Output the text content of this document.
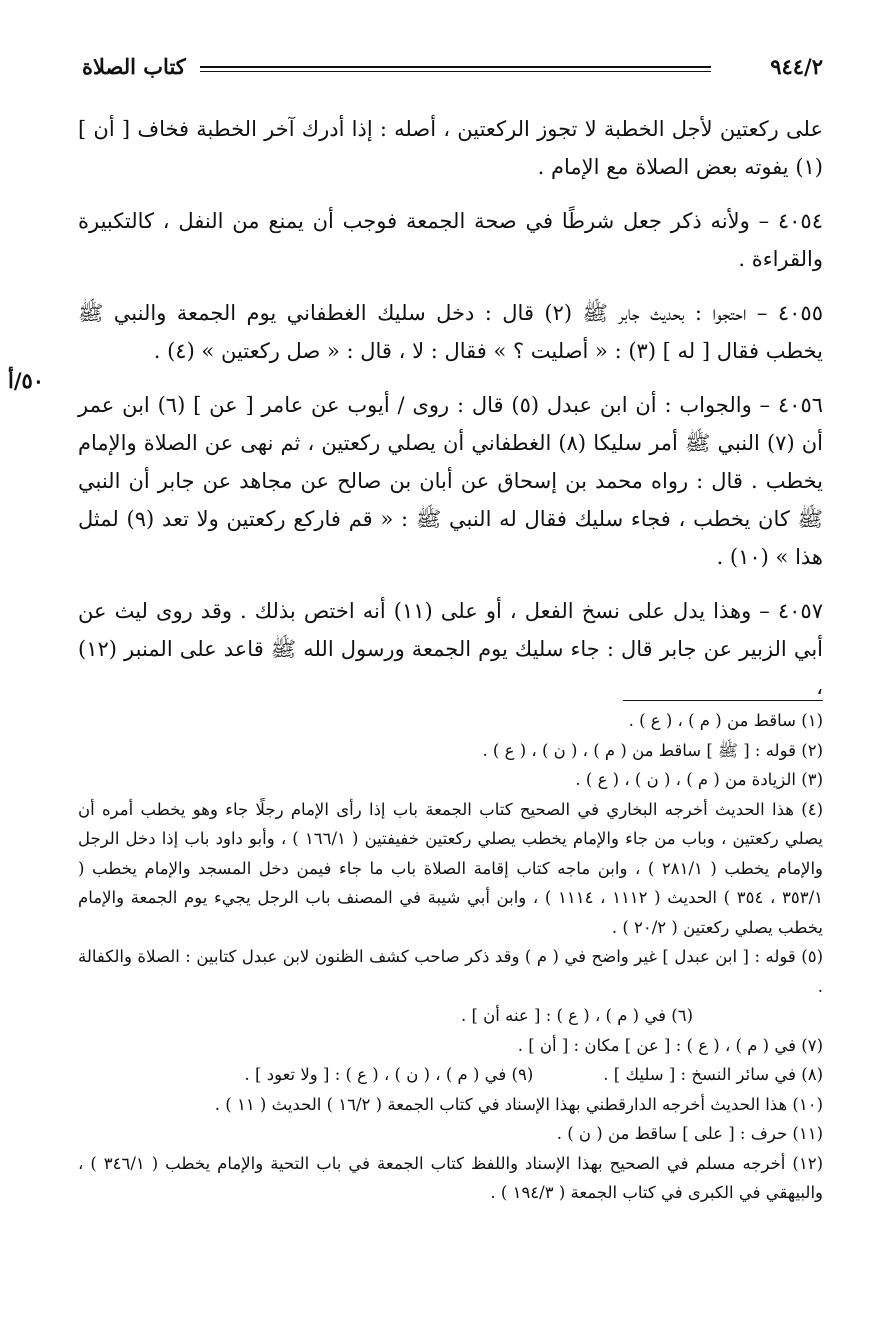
٩٤٤/٢
كتاب الصلاة
٥٠/أ

على ركعتين لأجل الخطبة لا تجوز الركعتين ، أصله : إذا أدرك آخر الخطبة فخاف [ أن ] (١) يفوته بعض الصلاة مع الإمام .

٤٠٥٤ – ولأنه ذكر جعل شرطًا في صحة الجمعة فوجب أن يمنع من النفل ، كالتكبيرة والقراءة .

٤٠٥٥ – احتجوا : بحديث جابر ﷺ (٢) قال : دخل سليك الغطفاني يوم الجمعة والنبي ﷺ يخطب فقال [ له ] (٣) : « أصليت ؟ » فقال : لا ، قال : « صل ركعتين » (٤) .

٤٠٥٦ – والجواب : أن ابن عبدل (٥) قال : روى / أيوب عن عامر [ عن ] (٦) ابن عمر أن (٧) النبي ﷺ أمر سليكا (٨) الغطفاني أن يصلي ركعتين ، ثم نهى عن الصلاة والإمام يخطب . قال : رواه محمد بن إسحاق عن أبان بن صالح عن مجاهد عن جابر أن النبي ﷺ كان يخطب ، فجاء سليك فقال له النبي ﷺ : « قم فاركع ركعتين ولا تعد (٩) لمثل هذا » (١٠) .

٤٠٥٧ – وهذا يدل على نسخ الفعل ، أو على (١١) أنه اختص بذلك . وقد روى ليث عن أبي الزبير عن جابر قال : جاء سليك يوم الجمعة ورسول الله ﷺ قاعد على المنبر (١٢) ،

(١) ساقط من ( م ) ، ( ع ) .

(٢) قوله : [ ﷺ ] ساقط من ( م ) ، ( ن ) ، ( ع ) .

(٣) الزيادة من ( م ) ، ( ن ) ، ( ع ) .

(٤) هذا الحديث أخرجه البخاري في الصحيح كتاب الجمعة باب إذا رأى الإمام رجلًا جاء وهو يخطب أمره أن يصلي ركعتين ، وباب من جاء والإمام يخطب يصلي ركعتين خفيفتين ( ١٦٦/١ ) ، وأبو داود باب إذا دخل الرجل والإمام يخطب ( ٢٨١/١ ) ، وابن ماجه كتاب إقامة الصلاة باب ما جاء فيمن دخل المسجد والإمام يخطب ( ٣٥٣/١ ، ٣٥٤ ) الحديث ( ١١١٢ ، ١١١٤ ) ، وابن أبي شيبة في المصنف باب الرجل يجيء يوم الجمعة والإمام يخطب يصلي ركعتين ( ٢٠/٢ ) .

(٥) قوله : [ ابن عبدل ] غير واضح في ( م ) وقد ذكر صاحب كشف الظنون لابن عبدل كتابين : الصلاة والكفالة .

(٦) في ( م ) ، ( ع ) : [ عنه أن ] .

(٧) في ( م ) ، ( ع ) : [ عن ] مكان : [ أن ] .

(٨) في سائر النسخ : [ سليك ] .
(٩) في ( م ) ، ( ن ) ، ( ع ) : [ ولا تعود ] .

(١٠) هذا الحديث أخرجه الدارقطني بهذا الإسناد في كتاب الجمعة ( ١٦/٢ ) الحديث ( ١١ ) .

(١١) حرف : [ على ] ساقط من ( ن ) .

(١٢) أخرجه مسلم في الصحيح بهذا الإسناد واللفظ كتاب الجمعة في باب التحية والإمام يخطب ( ٣٤٦/١ ) ، والبيهقي في الكبرى في كتاب الجمعة ( ١٩٤/٣ ) .
